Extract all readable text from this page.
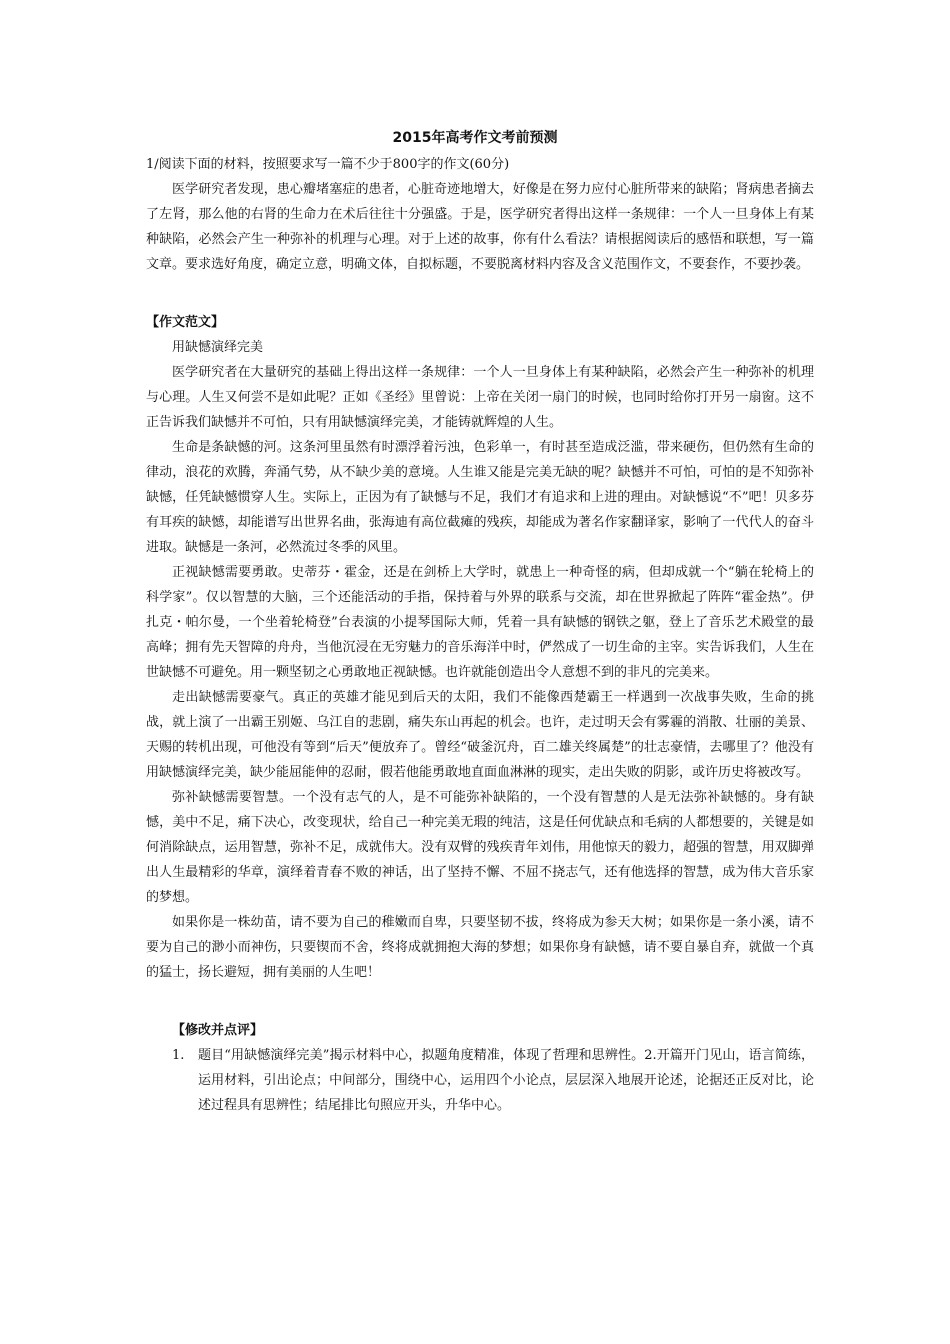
2015年高考作文考前预测

1/阅读下面的材料，按照要求写一篇不少于800字的作文(60分)

医学研究者发现，患心瓣堵塞症的患者，心脏奇迹地增大，好像是在努力应付心脏所带来的缺陷；肾病患者摘去了左肾，那么他的右肾的生命力在术后往往十分强盛。于是，医学研究者得出这样一条规律：一个人一旦身体上有某种缺陷，必然会产生一种弥补的机理与心理。对于上述的故事，你有什么看法？请根据阅读后的感悟和联想，写一篇文章。要求选好角度，确定立意，明确文体，自拟标题，不要脱离材料内容及含义范围作文，不要套作，不要抄袭。

【作文范文】

用缺憾演绎完美

医学研究者在大量研究的基础上得出这样一条规律：一个人一旦身体上有某种缺陷，必然会产生一种弥补的机理与心理。人生又何尝不是如此呢？正如《圣经》里曾说：上帝在关闭一扇门的时候，也同时给你打开另一扇窗。这不正告诉我们缺憾并不可怕，只有用缺憾演绎完美，才能铸就辉煌的人生。

生命是条缺憾的河。这条河里虽然有时漂浮着污浊，色彩单一，有时甚至造成泛滥，带来硬伤，但仍然有生命的律动，浪花的欢腾，奔涌气势，从不缺少美的意境。人生谁又能是完美无缺的呢？缺憾并不可怕，可怕的是不知弥补缺憾，任凭缺憾惯穿人生。实际上，正因为有了缺憾与不足，我们才有追求和上进的理由。对缺憾说“不”吧！贝多芬有耳疾的缺憾，却能谱写出世界名曲，张海迪有高位截瘫的残疾，却能成为著名作家翻译家，影响了一代代人的奋斗进取。缺憾是一条河，必然流过冬季的风里。

正视缺憾需要勇敢。史蒂芬・霍金，还是在剑桥上大学时，就患上一种奇怪的病，但却成就一个“躺在轮椅上的科学家”。仅以智慧的大脑，三个还能活动的手指，保持着与外界的联系与交流，却在世界掀起了阵阵“霍金热”。伊扎克・帕尔曼，一个坐着轮椅登”台表演的小提琴国际大师，凭着一具有缺憾的钢铁之躯，登上了音乐艺术殿堂的最高峰；拥有先天智障的舟舟，当他沉浸在无穷魅力的音乐海洋中时，俨然成了一切生命的主宰。实告诉我们，人生在世缺憾不可避免。用一颗坚韧之心勇敢地正视缺憾。也许就能创造出令人意想不到的非凡的完美来。

走出缺憾需要豪气。真正的英雄才能见到后天的太阳，我们不能像西楚霸王一样遇到一次战事失败，生命的挑战，就上演了一出霸王别姬、乌江自的悲剧，痛失东山再起的机会。也许，走过明天会有雾霾的消散、壮丽的美景、天赐的转机出现，可他没有等到“后天”便放弃了。曾经“破釜沉舟，百二雄关终属楚”的壮志豪情，去哪里了？他没有用缺憾演绎完美，缺少能屈能伸的忍耐，假若他能勇敢地直面血淋淋的现实，走出失败的阴影，或许历史将被改写。

弥补缺憾需要智慧。一个没有志气的人，是不可能弥补缺陷的，一个没有智慧的人是无法弥补缺憾的。身有缺憾，美中不足，痛下决心，改变现状，给自己一种完美无瑕的纯洁，这是任何优缺点和毛病的人都想要的，关键是如何消除缺点，运用智慧，弥补不足，成就伟大。没有双臂的残疾青年刘伟，用他惊天的毅力，超强的智慧，用双脚弹出人生最精彩的华章，演绎着青春不败的神话，出了坚持不懈、不屈不挠志气，还有他选择的智慧，成为伟大音乐家的梦想。

如果你是一株幼苗，请不要为自己的稚嫩而自卑，只要坚韧不拔，终将成为参天大树；如果你是一条小溪，请不要为自己的渺小而神伤，只要锲而不舍，终将成就拥抱大海的梦想；如果你身有缺憾，请不要自暴自弃，就做一个真的猛士，扬长避短，拥有美丽的人生吧！

【修改并点评】

1.	题目“用缺憾演绎完美”揭示材料中心，拟题角度精准，体现了哲理和思辨性。2.开篇开门见山，语言简练，运用材料，引出论点；中间部分，围绕中心，运用四个小论点，层层深入地展开论述，论据还正反对比，论述过程具有思辨性；结尾排比句照应开头，升华中心。
